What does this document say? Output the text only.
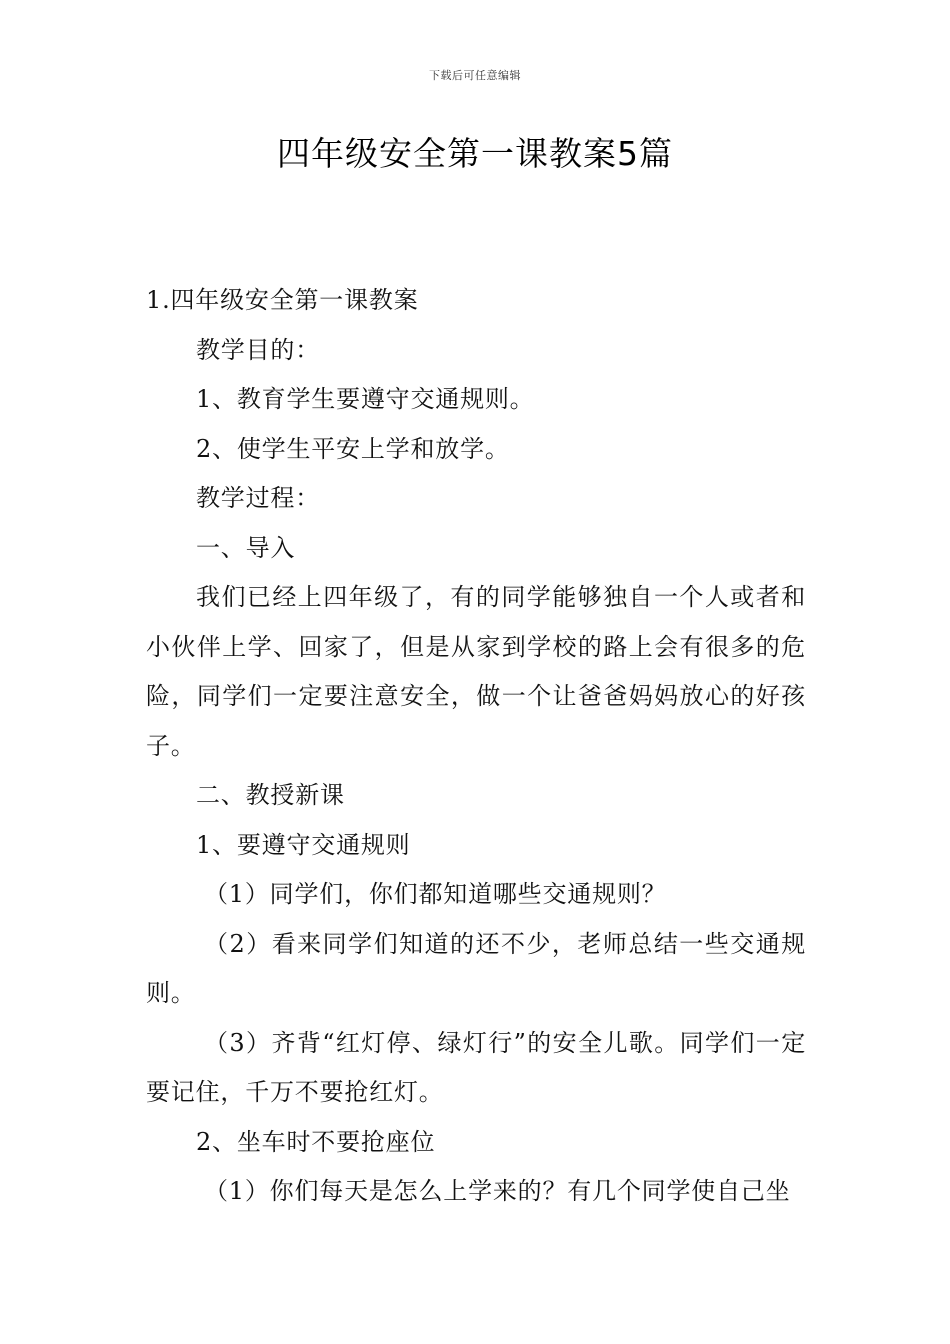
下载后可任意编辑
四年级安全第一课教案5篇

1.四年级安全第一课教案

教学目的：

1、教育学生要遵守交通规则。

2、使学生平安上学和放学。

教学过程：

一、导入

我们已经上四年级了，有的同学能够独自一个人或者和小伙伴上学、回家了，但是从家到学校的路上会有很多的危险，同学们一定要注意安全，做一个让爸爸妈妈放心的好孩子。

二、教授新课

1、要遵守交通规则

（1）同学们，你们都知道哪些交通规则？

（2）看来同学们知道的还不少，老师总结一些交通规则。

（3）齐背“红灯停、绿灯行”的安全儿歌。同学们一定要记住，千万不要抢红灯。

2、坐车时不要抢座位

（1）你们每天是怎么上学来的？有几个同学使自己坐
